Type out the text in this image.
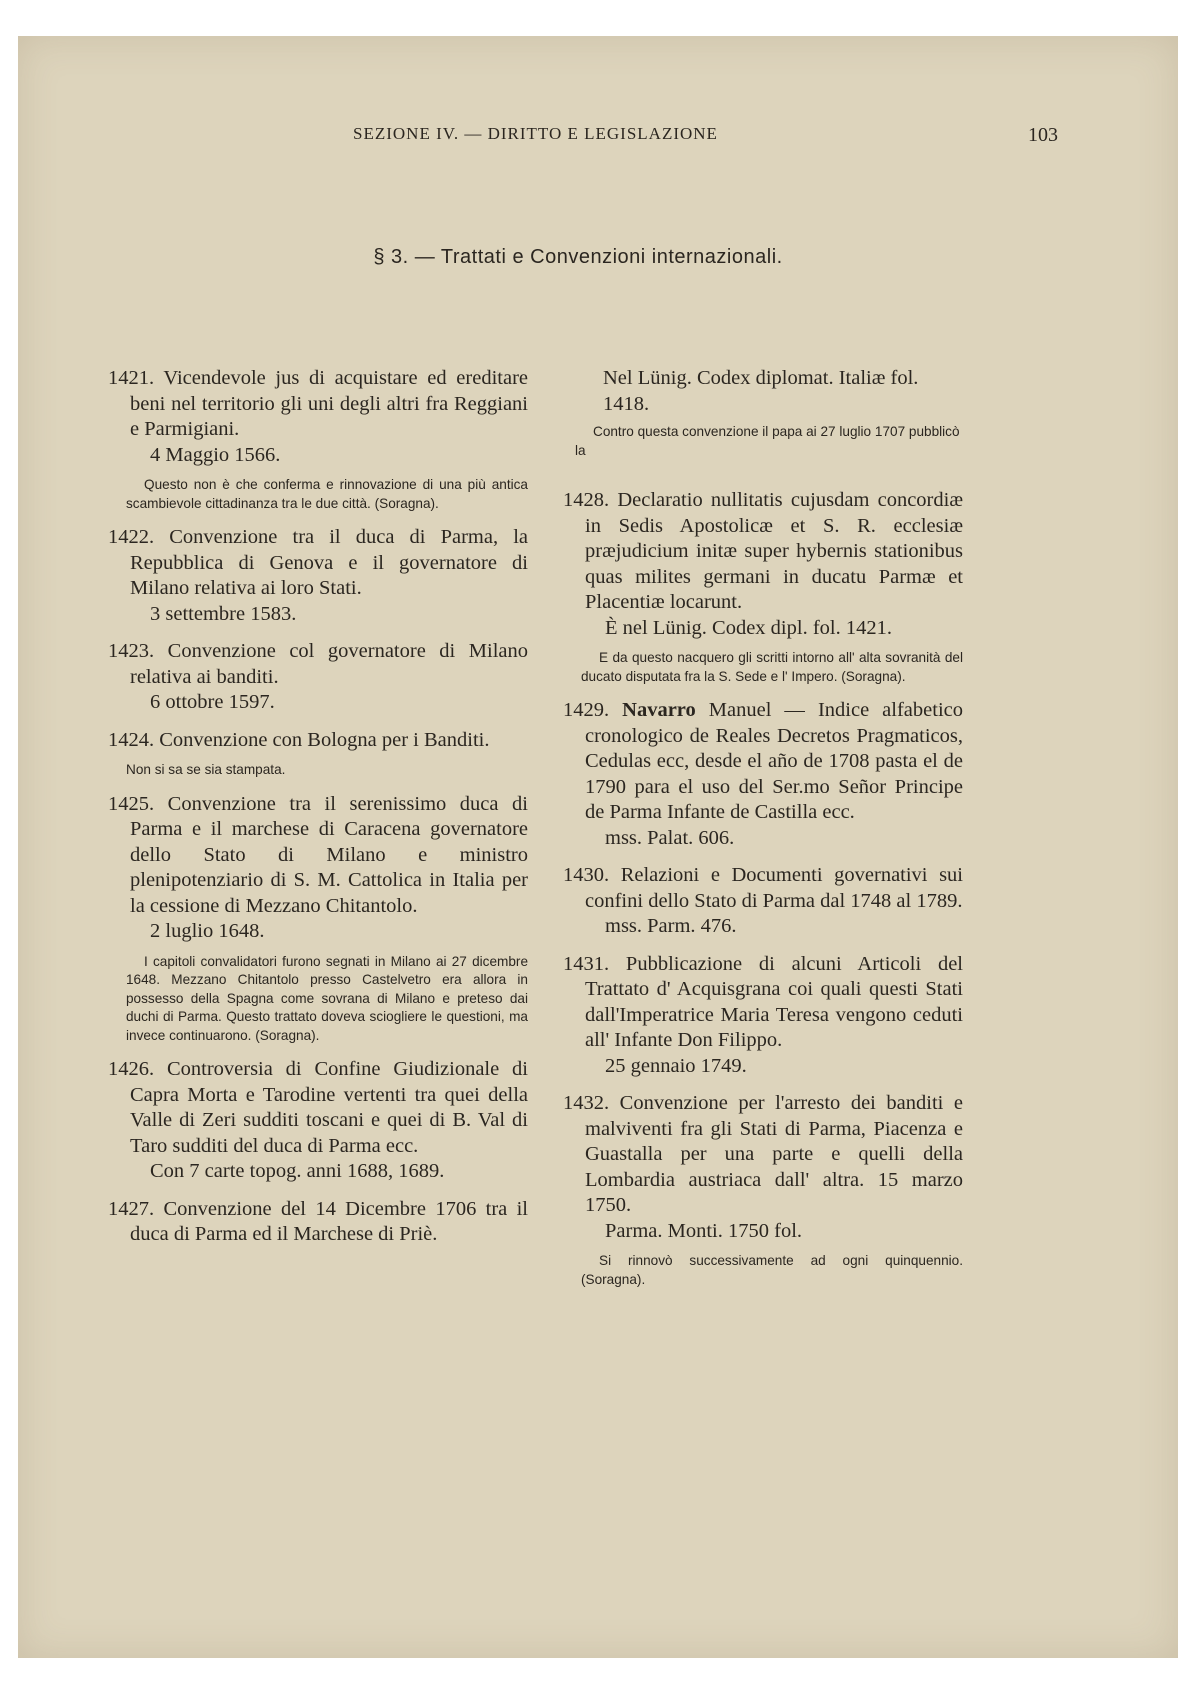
SEZIONE IV. — DIRITTO E LEGISLAZIONE	103
§ 3. — Trattati e Convenzioni internazionali.
1421. Vicendevole jus di acquistare ed ereditare beni nel territorio gli uni degli altri fra Reggiani e Parmigiani.
4 Maggio 1566.
Questo non è che conferma e rinnovazione di una più antica scambievole cittadinanza tra le due città. (Soragna).
1422. Convenzione tra il duca di Parma, la Repubblica di Genova e il governatore di Milano relativa ai loro Stati.
3 settembre 1583.
1423. Convenzione col governatore di Milano relativa ai banditi.
6 ottobre 1597.
1424. Convenzione con Bologna per i Banditi.
Non si sa se sia stampata.
1425. Convenzione tra il serenissimo duca di Parma e il marchese di Caracena governatore dello Stato di Milano e ministro plenipotenziario di S. M. Cattolica in Italia per la cessione di Mezzano Chitantolo.
2 luglio 1648.
I capitoli convalidatori furono segnati in Milano ai 27 dicembre 1648. Mezzano Chitantolo presso Castelvetro era allora in possesso della Spagna come sovrana di Milano e preteso dai duchi di Parma. Questo trattato doveva sciogliere le questioni, ma invece continuarono. (Soragna).
1426. Controversia di Confine Giudizionale di Capra Morta e Tarodine vertenti tra quei della Valle di Zeri sudditi toscani e quei di B. Val di Taro sudditi del duca di Parma ecc.
Con 7 carte topog. anni 1688, 1689.
1427. Convenzione del 14 Dicembre 1706 tra il duca di Parma ed il Marchese di Priè.
Nel Lünig. Codex diplomat. Italiæ fol. 1418.
Contro questa convenzione il papa ai 27 luglio 1707 pubblicò la
1428. Declaratio nullitatis cujusdam concordiæ in Sedis Apostolicæ et S. R. ecclesiæ præjudicium initæ super hybernis stationibus quas milites germani in ducatu Parmæ et Placentiæ locarunt.
È nel Lünig. Codex dipl. fol. 1421.
E da questo nacquero gli scritti intorno all' alta sovranità del ducato disputata fra la S. Sede e l' Impero. (Soragna).
1429. Navarro Manuel — Indice alfabetico cronologico de Reales Decretos Pragmaticos, Cedulas ecc, desde el año de 1708 pasta el de 1790 para el uso del Ser.mo Señor Principe de Parma Infante de Castilla ecc.
mss. Palat. 606.
1430. Relazioni e Documenti governativi sui confini dello Stato di Parma dal 1748 al 1789.
mss. Parm. 476.
1431. Pubblicazione di alcuni Articoli del Trattato d' Acquisgrana coi quali questi Stati dall'Imperatrice Maria Teresa vengono ceduti all' Infante Don Filippo.
25 gennaio 1749.
1432. Convenzione per l'arresto dei banditi e malviventi fra gli Stati di Parma, Piacenza e Guastalla per una parte e quelli della Lombardia austriaca dall' altra. 15 marzo 1750.
Parma. Monti. 1750 fol.
Si rinnovò successivamente ad ogni quinquennio. (Soragna).
